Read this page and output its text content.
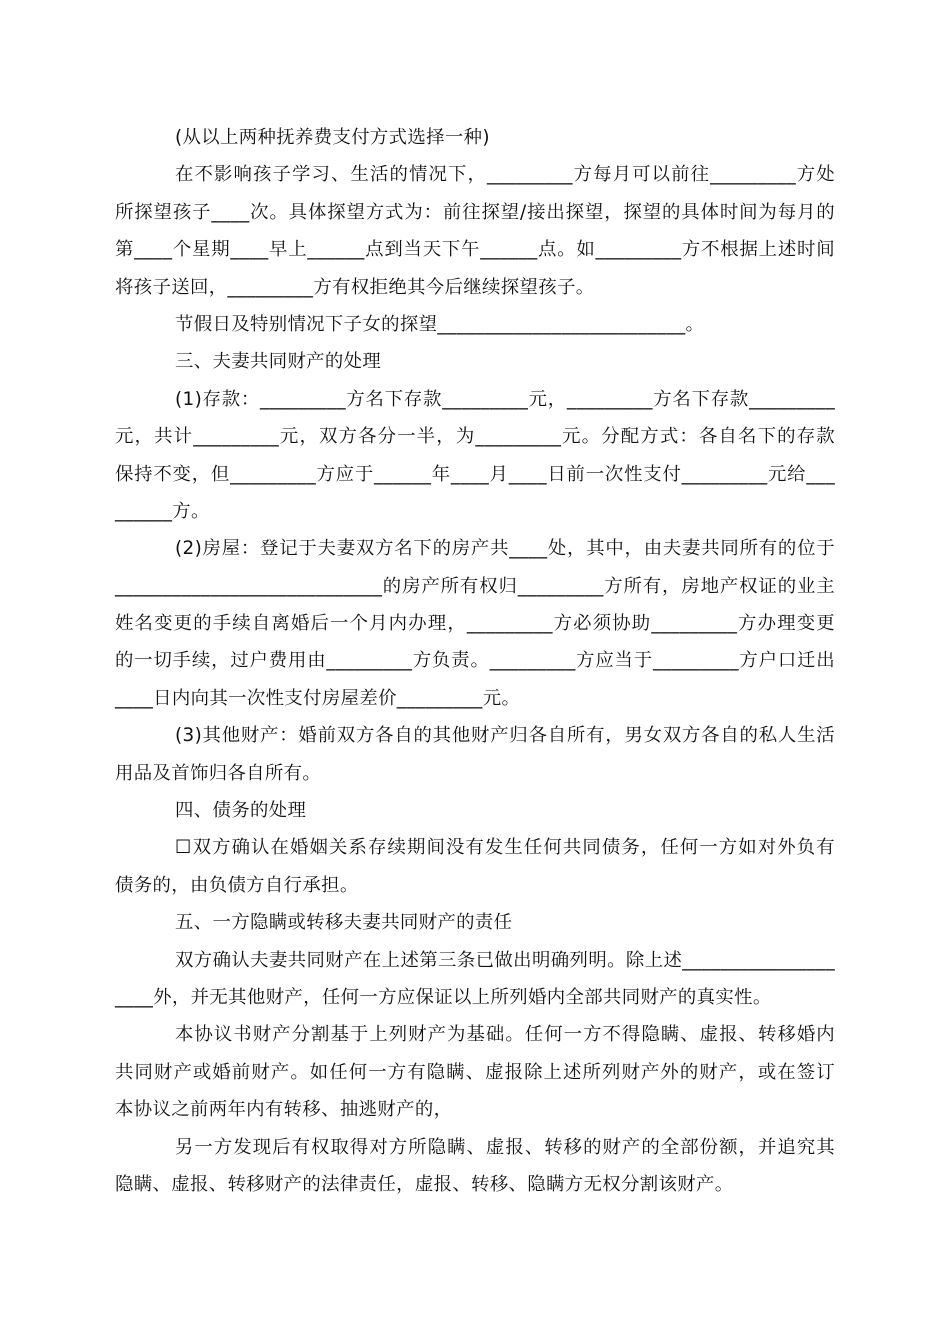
(从以上两种抚养费支付方式选择一种)
在不影响孩子学习、生活的情况下，_________方每月可以前往_________方处
所探望孩子____次。具体探望方式为：前往探望/接出探望，探望的具体时间为每月的
第____个星期____早上______点到当天下午______点。如_________方不根据上述时间
将孩子送回，_________方有权拒绝其今后继续探望孩子。
节假日及特别情况下子女的探望__________________________。
三、夫妻共同财产的处理
(1)存款：_________方名下存款_________元，_________方名下存款_________
元，共计_________元，双方各分一半，为_________元。分配方式：各自名下的存款
保持不变，但_________方应于______年____月____日前一次性支付_________元给___
______方。
(2)房屋：登记于夫妻双方名下的房产共____处，其中，由夫妻共同所有的位于
____________________________的房产所有权归_________方所有，房地产权证的业主
姓名变更的手续自离婚后一个月内办理，_________方必须协助_________方办理变更
的一切手续，过户费用由_________方负责。_________方应当于_________方户口迁出
____日内向其一次性支付房屋差价_________元。
(3)其他财产：婚前双方各自的其他财产归各自所有，男女双方各自的私人生活
用品及首饰归各自所有。
四、债务的处理
☐双方确认在婚姻关系存续期间没有发生任何共同债务，任何一方如对外负有
债务的，由负债方自行承担。
五、一方隐瞒或转移夫妻共同财产的责任
双方确认夫妻共同财产在上述第三条已做出明确列明。除上述________________
____外，并无其他财产，任何一方应保证以上所列婚内全部共同财产的真实性。
本协议书财产分割基于上列财产为基础。任何一方不得隐瞒、虚报、转移婚内
共同财产或婚前财产。如任何一方有隐瞒、虚报除上述所列财产外的财产，或在签订
本协议之前两年内有转移、抽逃财产的，
另一方发现后有权取得对方所隐瞒、虚报、转移的财产的全部份额，并追究其
隐瞒、虚报、转移财产的法律责任，虚报、转移、隐瞒方无权分割该财产。
